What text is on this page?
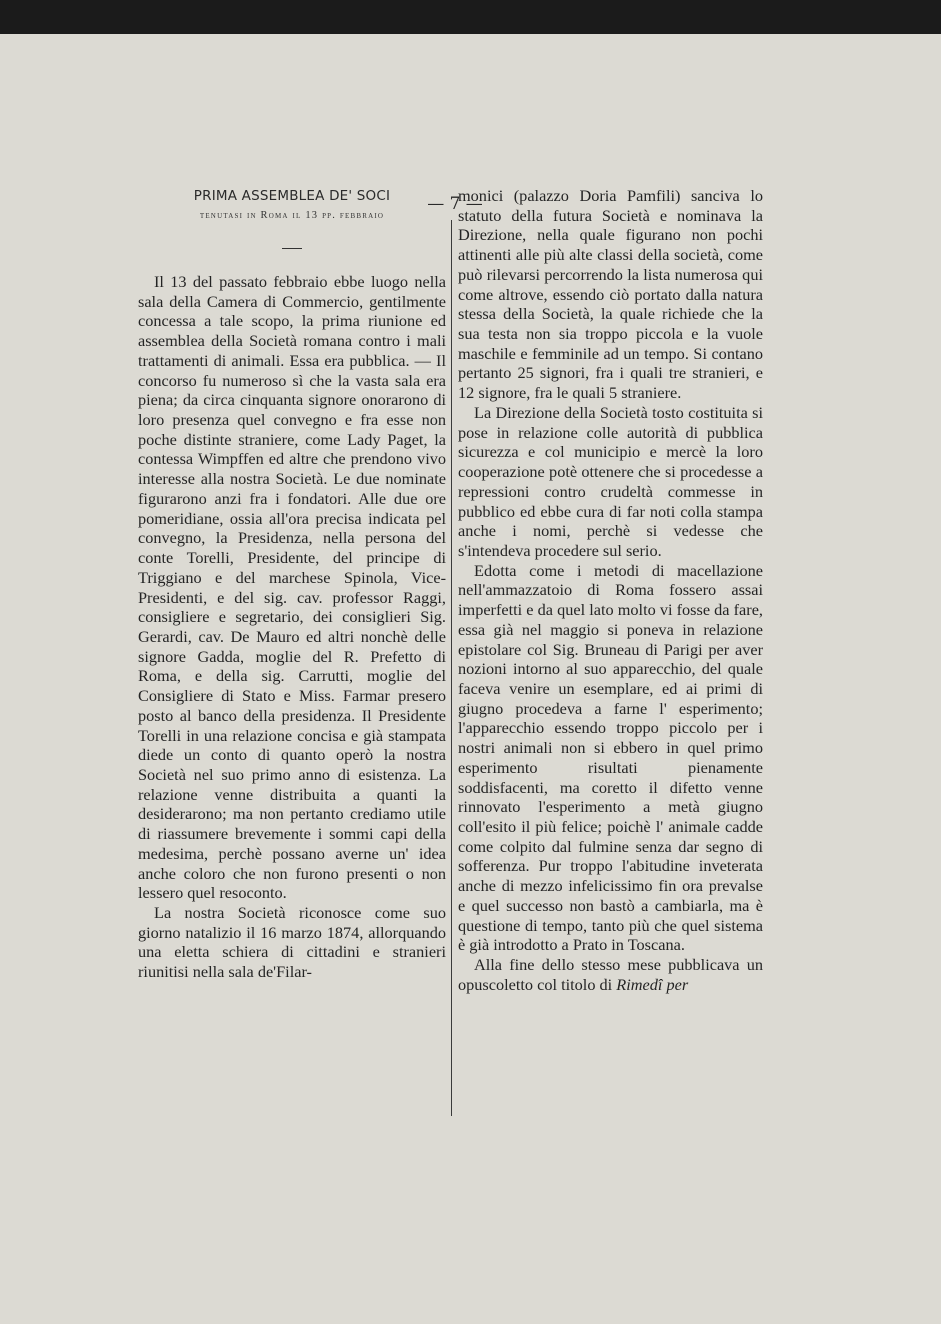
— 7 —

PRIMA ASSEMBLEA DE' SOCI

tenutasi in Roma il 13 pp. febbraio

Il 13 del passato febbraio ebbe luogo nella sala della Camera di Commercio, gentilmente concessa a tale scopo, la prima riunione ed assemblea della Società romana contro i mali trattamenti di animali. Essa era pubblica. — Il concorso fu numeroso sì che la vasta sala era piena; da circa cinquanta signore onorarono di loro presenza quel convegno e fra esse non poche distinte straniere, come Lady Paget, la contessa Wimpffen ed altre che prendono vivo interesse alla nostra Società. Le due nominate figurarono anzi fra i fondatori. Alle due ore pomeridiane, ossia all'ora precisa indicata pel convegno, la Presidenza, nella persona del conte Torelli, Presidente, del principe di Triggiano e del marchese Spinola, Vice-Presidenti, e del sig. cav. professor Raggi, consigliere e segretario, dei consiglieri Sig. Gerardi, cav. De Mauro ed altri nonchè delle signore Gadda, moglie del R. Prefetto di Roma, e della sig. Carrutti, moglie del Consigliere di Stato e Miss. Farmar presero posto al banco della presidenza. Il Presidente Torelli in una relazione concisa e già stampata diede un conto di quanto operò la nostra Società nel suo primo anno di esistenza. La relazione venne distribuita a quanti la desiderarono; ma non pertanto crediamo utile di riassumere brevemente i sommi capi della medesima, perchè possano averne un' idea anche coloro che non furono presenti o non lessero quel resoconto.

La nostra Società riconosce come suo giorno natalizio il 16 marzo 1874, allorquando una eletta schiera di cittadini e stranieri riunitisi nella sala de'Filar-

monici (palazzo Doria Pamfili) sanciva lo statuto della futura Società e nominava la Direzione, nella quale figurano non pochi attinenti alle più alte classi della società, come può rilevarsi percorrendo la lista numerosa qui come altrove, essendo ciò portato dalla natura stessa della Società, la quale richiede che la sua testa non sia troppo piccola e la vuole maschile e femminile ad un tempo. Si contano pertanto 25 signori, fra i quali tre stranieri, e 12 signore, fra le quali 5 straniere.

La Direzione della Società tosto costituita si pose in relazione colle autorità di pubblica sicurezza e col municipio e mercè la loro cooperazione potè ottenere che si procedesse a repressioni contro crudeltà commesse in pubblico ed ebbe cura di far noti colla stampa anche i nomi, perchè si vedesse che s'intendeva procedere sul serio.

Edotta come i metodi di macellazione nell'ammazzatoio di Roma fossero assai imperfetti e da quel lato molto vi fosse da fare, essa già nel maggio si poneva in relazione epistolare col Sig. Bruneau di Parigi per aver nozioni intorno al suo apparecchio, del quale faceva venire un esemplare, ed ai primi di giugno procedeva a farne l' esperimento; l'apparecchio essendo troppo piccolo per i nostri animali non si ebbero in quel primo esperimento risultati pienamente soddisfacenti, ma coretto il difetto venne rinnovato l'esperimento a metà giugno coll'esito il più felice; poichè l' animale cadde come colpito dal fulmine senza dar segno di sofferenza. Pur troppo l'abitudine inveterata anche di mezzo infelicissimo fin ora prevalse e quel successo non bastò a cambiarla, ma è questione di tempo, tanto più che quel sistema è già introdotto a Prato in Toscana.

Alla fine dello stesso mese pubblicava un opuscoletto col titolo di Rimedî per
